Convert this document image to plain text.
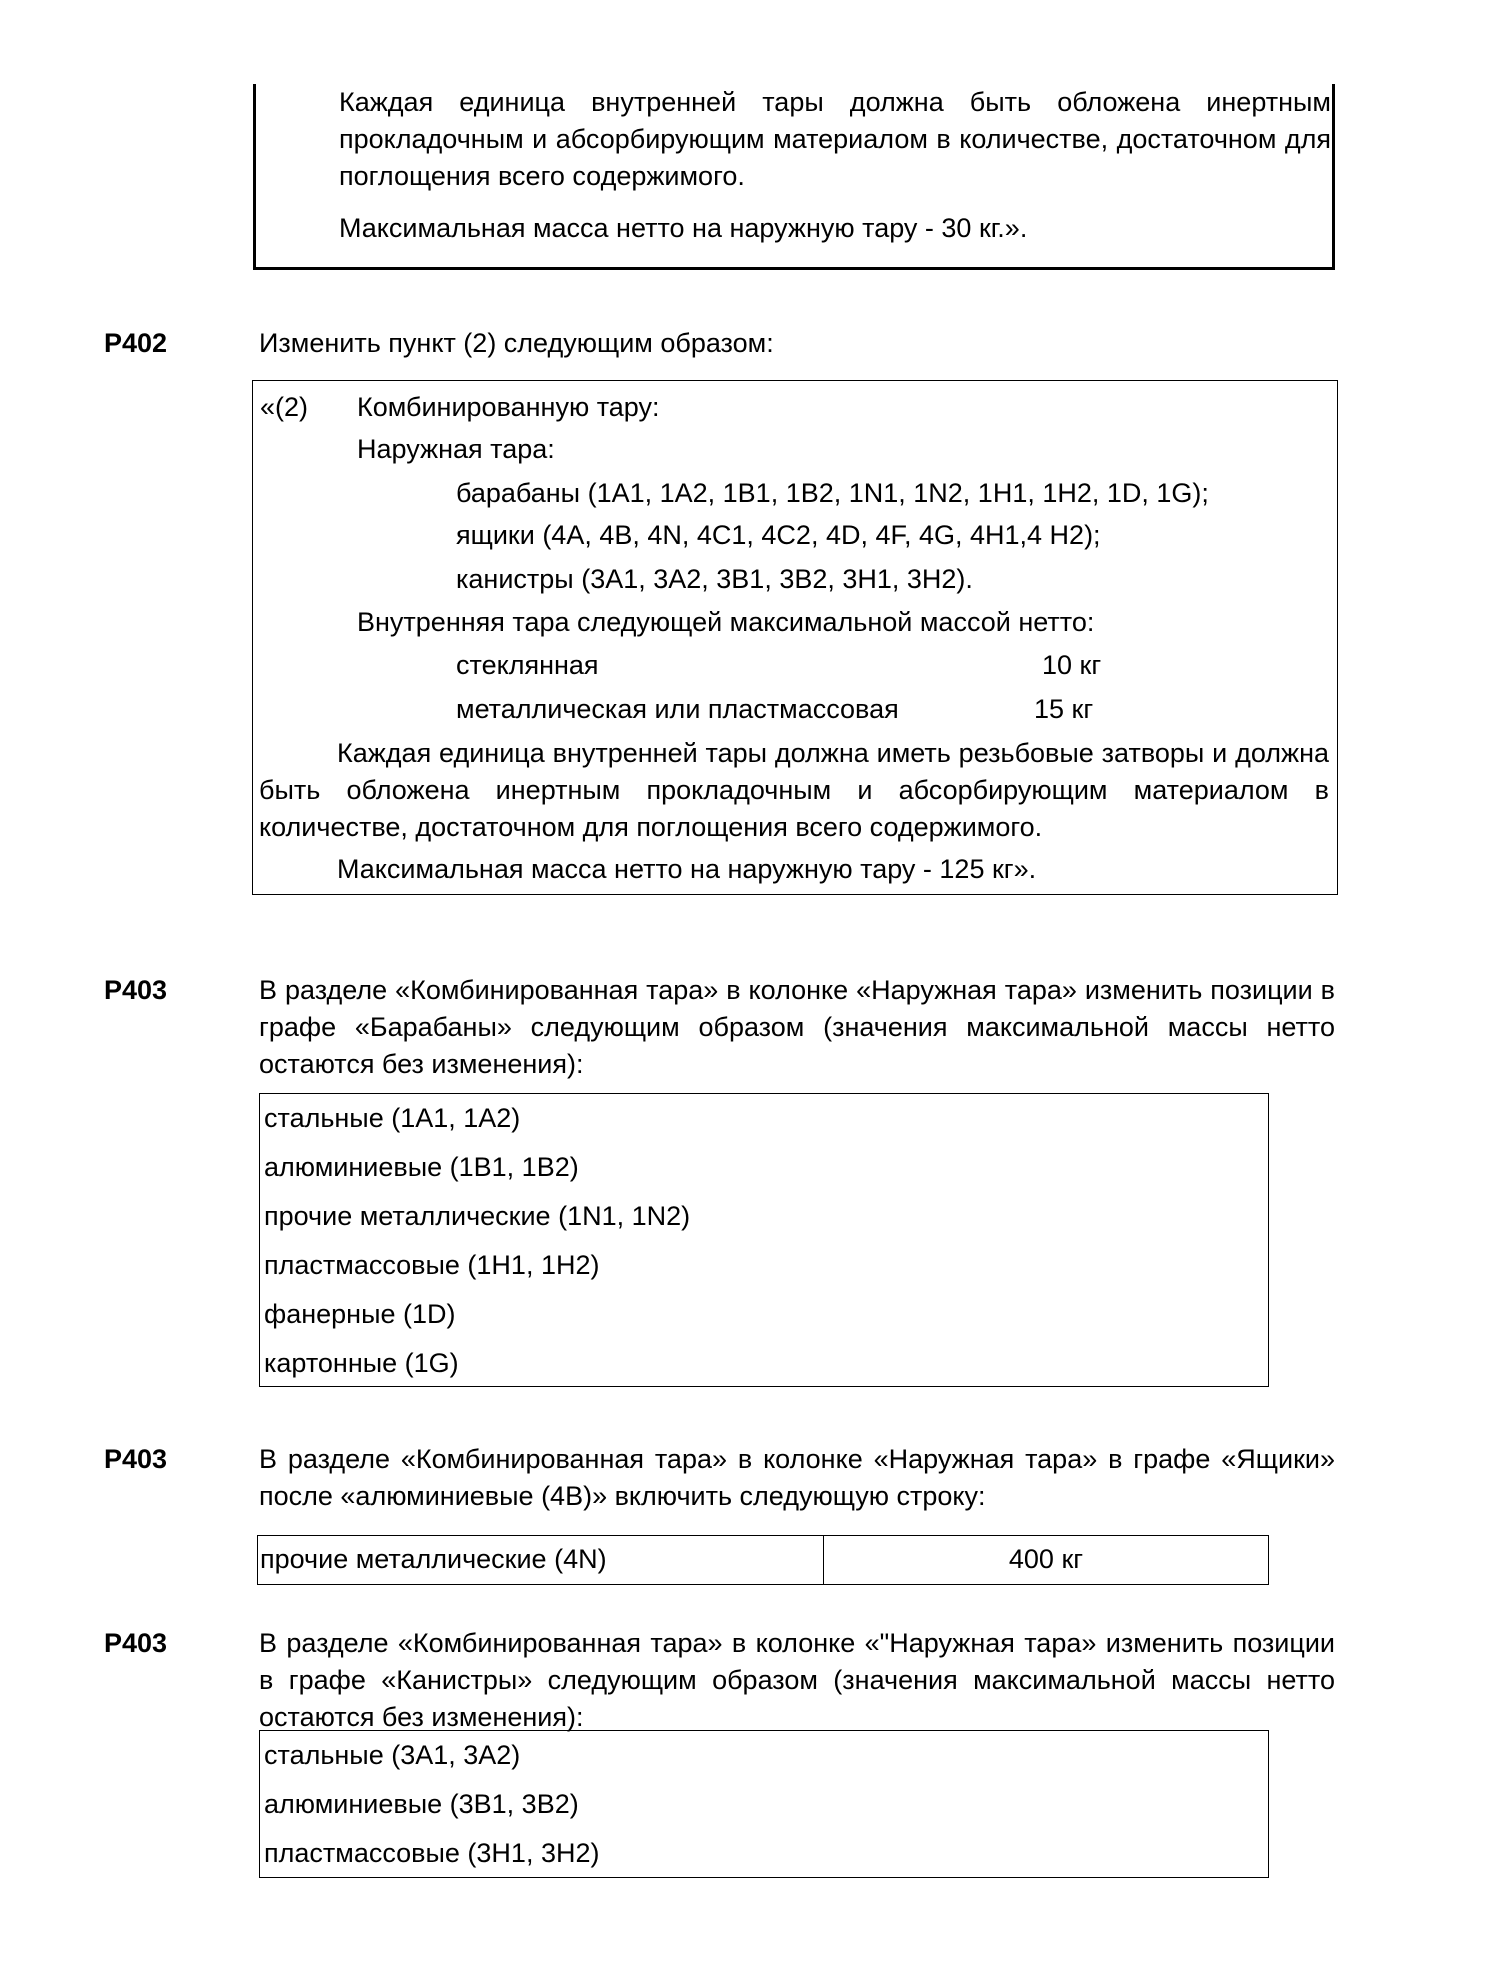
Каждая единица внутренней тары должна быть обложена инертным прокладочным и абсорбирующим материалом в количестве, достаточном для поглощения всего содержимого.
Максимальная масса нетто на наружную тару - 30 кг.».
P402	Изменить пункт (2) следующим образом:
«(2) Комбинированную тару:
Наружная тара:
барабаны (1A1, 1A2, 1B1, 1B2, 1N1, 1N2, 1H1, 1H2, 1D, 1G);
ящики (4A, 4B, 4N, 4C1, 4C2, 4D, 4F, 4G, 4H1,4 H2);
канистры (3A1, 3A2, 3B1, 3B2, 3H1, 3H2).
Внутренняя тара следующей максимальной массой нетто:
стеклянная	10 кг
металлическая или пластмассовая	15 кг
Каждая единица внутренней тары должна иметь резьбовые затворы и должна быть обложена инертным прокладочным и абсорбирующим материалом в количестве, достаточном для поглощения всего содержимого.
Максимальная масса нетто на наружную тару - 125 кг».
P403	В разделе «Комбинированная тара» в колонке «Наружная тара» изменить позиции в графе «Барабаны» следующим образом (значения максимальной массы нетто остаются без изменения):
стальные (1A1, 1A2)
алюминиевые (1B1, 1B2)
прочие металлические (1N1, 1N2)
пластмассовые (1H1, 1H2)
фанерные (1D)
картонные (1G)
P403	В разделе «Комбинированная тара» в колонке «Наружная тара» в графе «Ящики» после «алюминиевые (4B)» включить следующую строку:
прочие металлические (4N)	400 кг
P403	В разделе «Комбинированная тара» в колонке «"Наружная тара» изменить позиции в графе «Канистры» следующим образом (значения максимальной массы нетто остаются без изменения):
стальные (3A1, 3A2)
алюминиевые (3B1, 3B2)
пластмассовые (3H1, 3H2)
